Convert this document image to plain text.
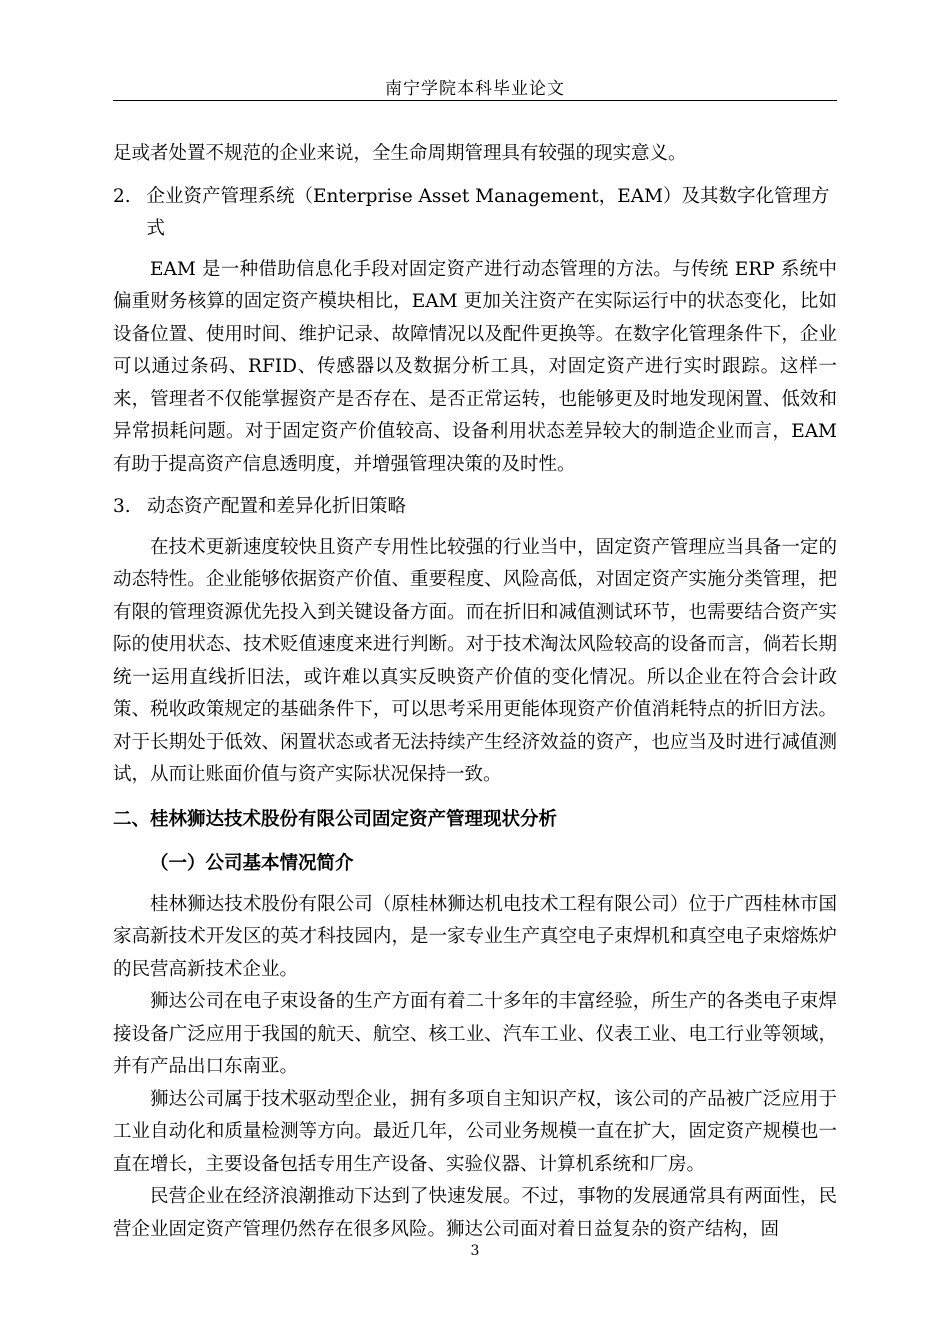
南宁学院本科毕业论文

足或者处置不规范的企业来说，全生命周期管理具有较强的现实意义。

2. 企业资产管理系统（Enterprise Asset Management，EAM）及其数字化管理方式

EAM 是一种借助信息化手段对固定资产进行动态管理的方法。与传统 ERP 系统中偏重财务核算的固定资产模块相比，EAM 更加关注资产在实际运行中的状态变化，比如设备位置、使用时间、维护记录、故障情况以及配件更换等。在数字化管理条件下，企业可以通过条码、RFID、传感器以及数据分析工具，对固定资产进行实时跟踪。这样一来，管理者不仅能掌握资产是否存在、是否正常运转，也能够更及时地发现闲置、低效和异常损耗问题。对于固定资产价值较高、设备利用状态差异较大的制造企业而言，EAM 有助于提高资产信息透明度，并增强管理决策的及时性。

3. 动态资产配置和差异化折旧策略

在技术更新速度较快且资产专用性比较强的行业当中，固定资产管理应当具备一定的动态特性。企业能够依据资产价值、重要程度、风险高低，对固定资产实施分类管理，把有限的管理资源优先投入到关键设备方面。而在折旧和减值测试环节，也需要结合资产实际的使用状态、技术贬值速度来进行判断。对于技术淘汰风险较高的设备而言，倘若长期统一运用直线折旧法，或许难以真实反映资产价值的变化情况。所以企业在符合会计政策、税收政策规定的基础条件下，可以思考采用更能体现资产价值消耗特点的折旧方法。对于长期处于低效、闲置状态或者无法持续产生经济效益的资产，也应当及时进行减值测试，从而让账面价值与资产实际状况保持一致。

二、桂林狮达技术股份有限公司固定资产管理现状分析
（一）公司基本情况简介

桂林狮达技术股份有限公司（原桂林狮达机电技术工程有限公司）位于广西桂林市国家高新技术开发区的英才科技园内，是一家专业生产真空电子束焊机和真空电子束熔炼炉的民营高新技术企业。

狮达公司在电子束设备的生产方面有着二十多年的丰富经验，所生产的各类电子束焊接设备广泛应用于我国的航天、航空、核工业、汽车工业、仪表工业、电工行业等领域，并有产品出口东南亚。

狮达公司属于技术驱动型企业，拥有多项自主知识产权，该公司的产品被广泛应用于工业自动化和质量检测等方向。最近几年，公司业务规模一直在扩大，固定资产规模也一直在增长，主要设备包括专用生产设备、实验仪器、计算机系统和厂房。

民营企业在经济浪潮推动下达到了快速发展。不过，事物的发展通常具有两面性，民营企业固定资产管理仍然存在很多风险。狮达公司面对着日益复杂的资产结构，固

3
